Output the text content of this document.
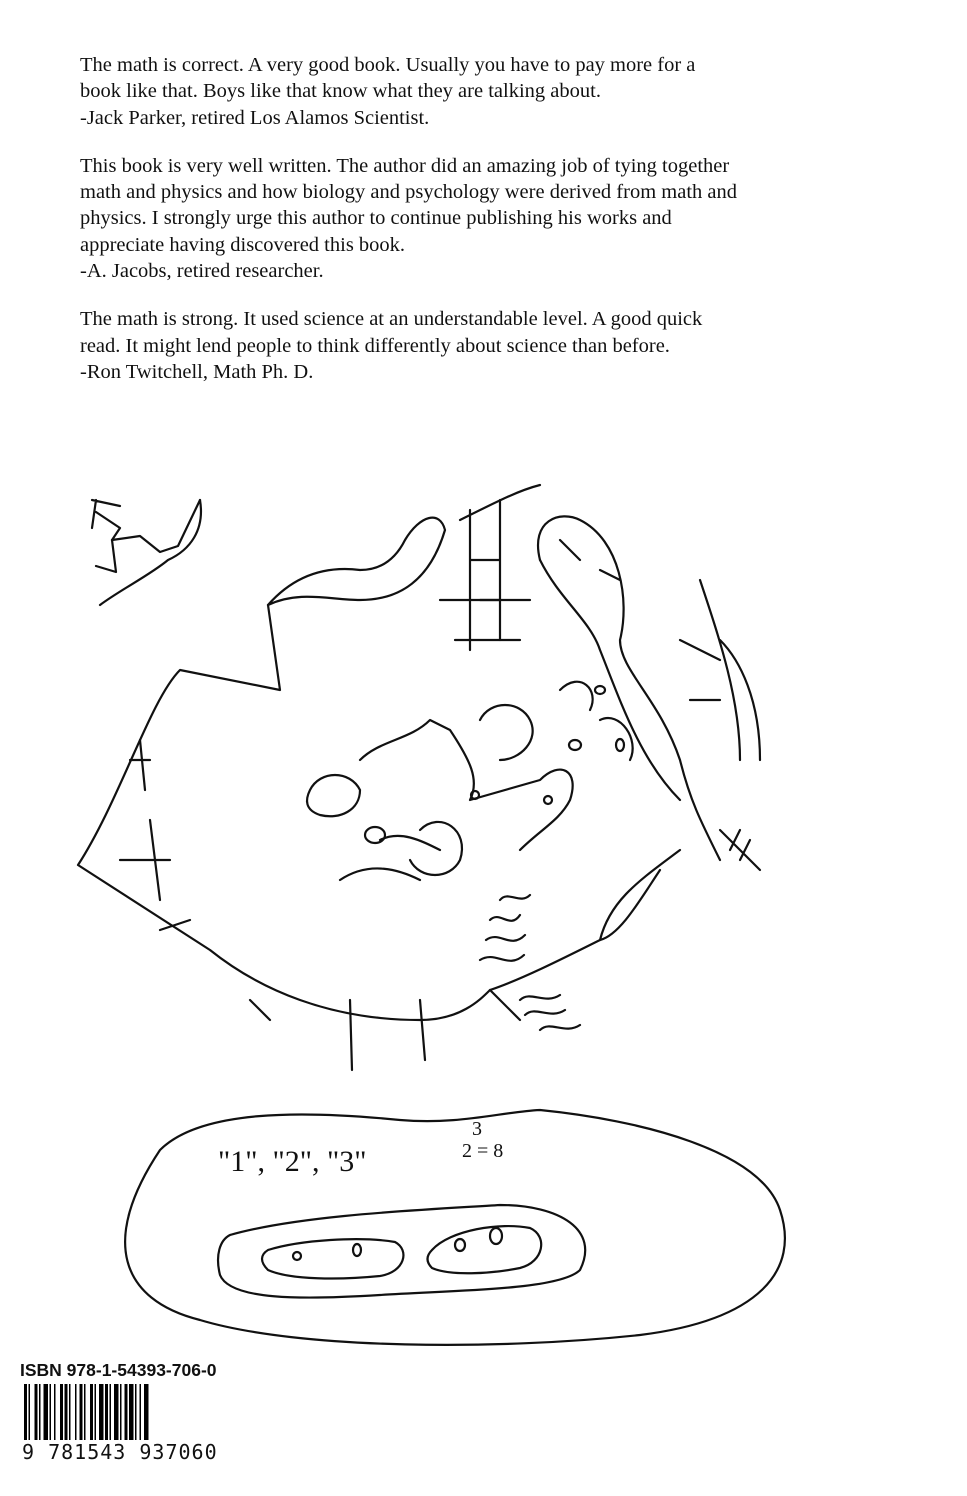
The math is correct. A very good book. Usually you have to pay more for a
book like that. Boys like that know what they are talking about.

-Jack Parker, retired Los Alamos Scientist.

This book is very well written. The author did an amazing job of tying together
math and physics and how biology and psychology were derived from math and
physics. I strongly urge this author to continue publishing his works and
appreciate having discovered this book.

-A. Jacobs, retired researcher.

The math is strong. It used science at an understandable level. A good quick
read. It might lend people to think differently about science than before.

-Ron Twitchell, Math Ph. D.

"1", "2", "3"
3
2 = 8
ISBN 978-1-54393-706-0
9 781543 937060
